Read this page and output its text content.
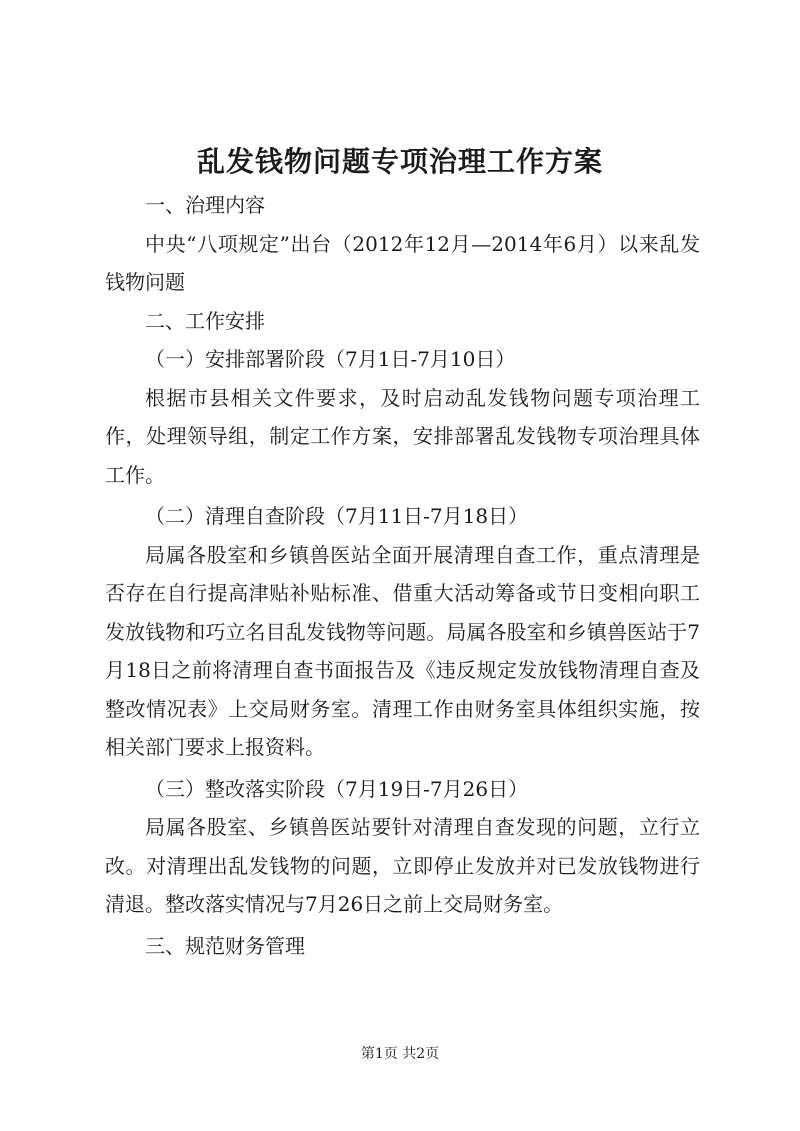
乱发钱物问题专项治理工作方案

一、治理内容

中央“八项规定”出台（2012年12月—2014年6月）以来乱发钱物问题

二、工作安排

（一）安排部署阶段（7月1日-7月10日）

根据市县相关文件要求，及时启动乱发钱物问题专项治理工作，处理领导组，制定工作方案，安排部署乱发钱物专项治理具体工作。

（二）清理自查阶段（7月11日-7月18日）

局属各股室和乡镇兽医站全面开展清理自查工作，重点清理是否存在自行提高津贴补贴标准、借重大活动筹备或节日变相向职工发放钱物和巧立名目乱发钱物等问题。局属各股室和乡镇兽医站于7月18日之前将清理自查书面报告及《违反规定发放钱物清理自查及整改情况表》上交局财务室。清理工作由财务室具体组织实施，按相关部门要求上报资料。

（三）整改落实阶段（7月19日-7月26日）

局属各股室、乡镇兽医站要针对清理自查发现的问题，立行立改。对清理出乱发钱物的问题，立即停止发放并对已发放钱物进行清退。整改落实情况与7月26日之前上交局财务室。

三、规范财务管理

第1页 共2页
